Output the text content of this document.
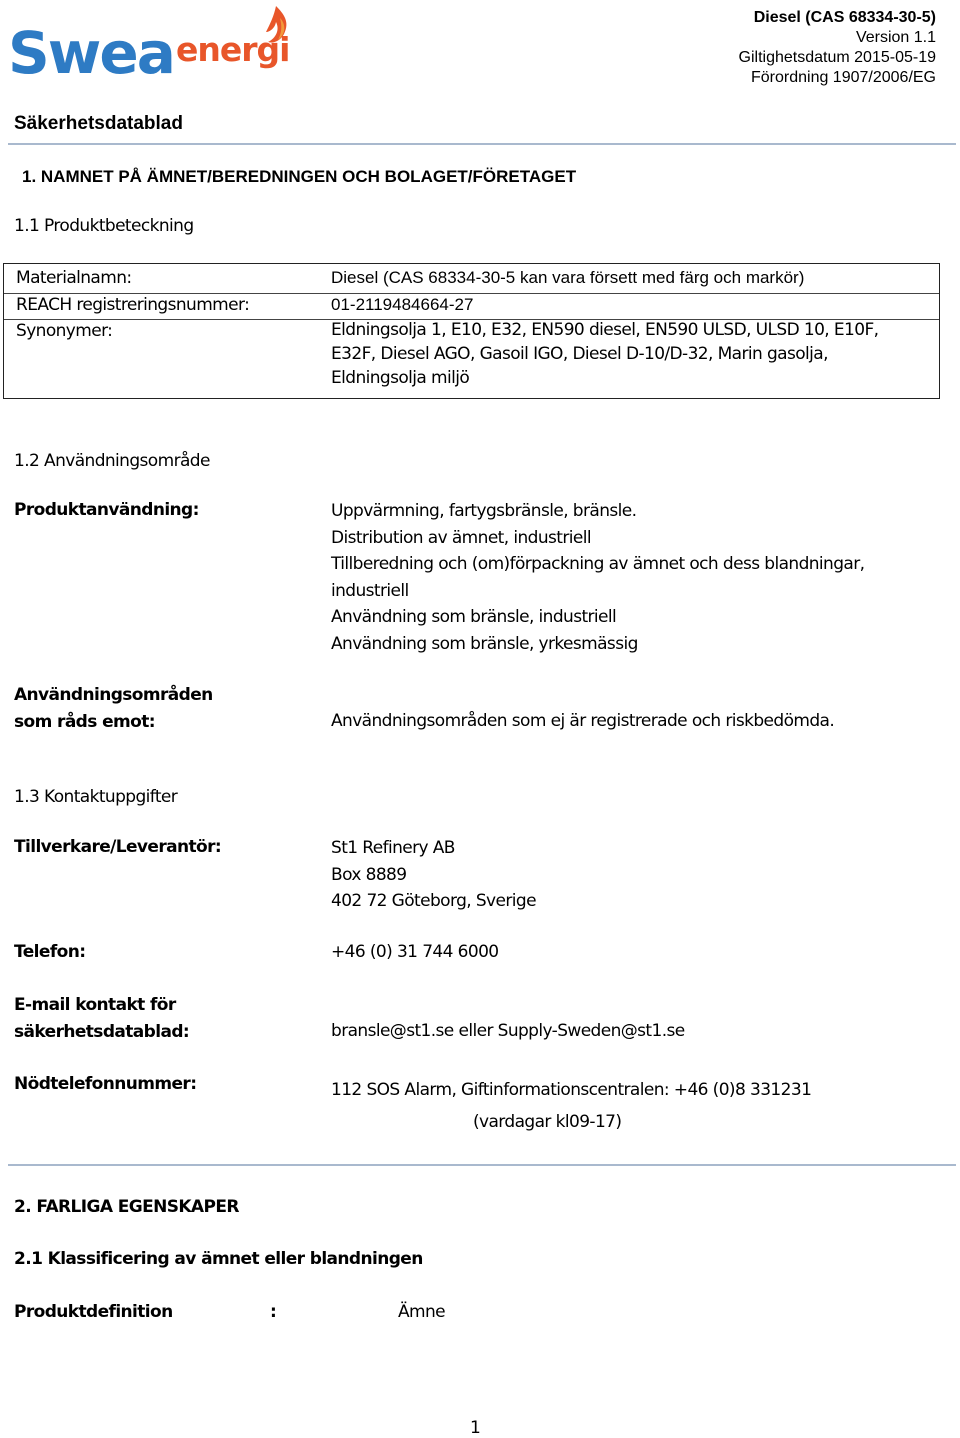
Swea energi
Diesel (CAS 68334-30-5)
Version 1.1
Giltighetsdatum 2015-05-19
Förordning 1907/2006/EG
Säkerhetsdatablad
1. NAMNET PÅ ÄMNET/BEREDNINGEN OCH BOLAGET/FÖRETAGET
1.1 Produktbeteckning
Materialnamn:	Diesel (CAS 68334-30-5 kan vara försett med färg och markör)
REACH registreringsnummer:	01-2119484664-27
Synonymer:	Eldningsolja 1, E10, E32, EN590 diesel, EN590 ULSD, ULSD 10, E10F,
E32F, Diesel AGO, Gasoil IGO, Diesel D-10/D-32, Marin gasolja,
Eldningsolja miljö
1.2 Användningsområde
Produktanvändning:	Uppvärmning, fartygsbränsle, bränsle.
Distribution av ämnet, industriell
Tillberedning och (om)förpackning av ämnet och dess blandningar,
industriell
Användning som bränsle, industriell
Användning som bränsle, yrkesmässig
Användningsområden
som råds emot:	Användningsområden som ej är registrerade och riskbedömda.
1.3 Kontaktuppgifter
Tillverkare/Leverantör:	St1 Refinery AB
Box 8889
402 72 Göteborg, Sverige
Telefon:	+46 (0) 31 744 6000
E-mail kontakt för
säkerhetsdatablad:	bransle@st1.se eller Supply-Sweden@st1.se
Nödtelefonnummer:	112 SOS Alarm, Giftinformationscentralen: +46 (0)8 331231
(vardagar kl09-17)
2. FARLIGA EGENSKAPER
2.1 Klassificering av ämnet eller blandningen
Produktdefinition	:	Ämne
1
